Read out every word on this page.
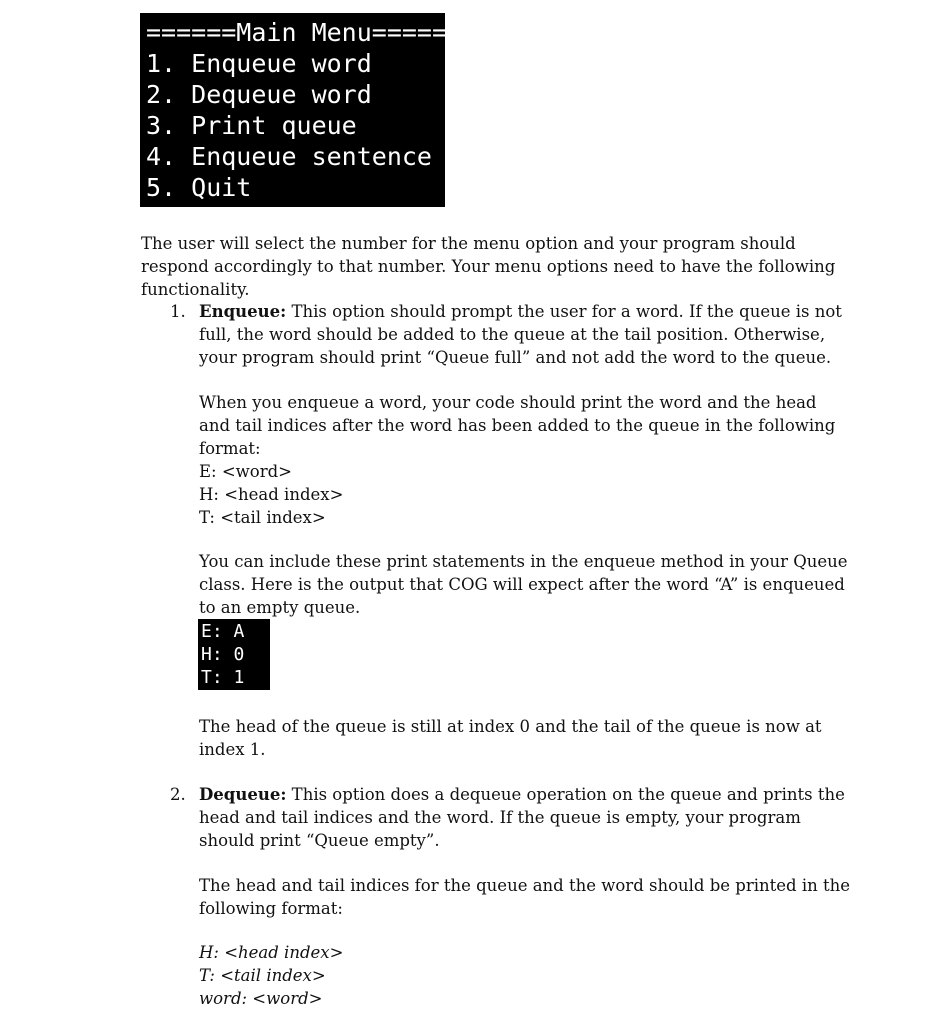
======Main Menu=====
1. Enqueue word
2. Dequeue word
3. Print queue
4. Enqueue sentence
5. Quit
The user will select the number for the menu option and your program should
respond accordingly to that number. Your menu options need to have the following
functionality.
1. Enqueue: This option should prompt the user for a word. If the queue is not
full, the word should be added to the queue at the tail position. Otherwise,
your program should print “Queue full” and not add the word to the queue.
When you enqueue a word, your code should print the word and the head
and tail indices after the word has been added to the queue in the following
format:
E: <word>
H: <head index>
T: <tail index>
You can include these print statements in the enqueue method in your Queue
class. Here is the output that COG will expect after the word “A” is enqueued
to an empty queue.
E: A
H: 0
T: 1
The head of the queue is still at index 0 and the tail of the queue is now at
index 1.
2. Dequeue: This option does a dequeue operation on the queue and prints the
head and tail indices and the word. If the queue is empty, your program
should print “Queue empty”.
The head and tail indices for the queue and the word should be printed in the
following format:
H: <head index>
T: <tail index>
word: <word>
